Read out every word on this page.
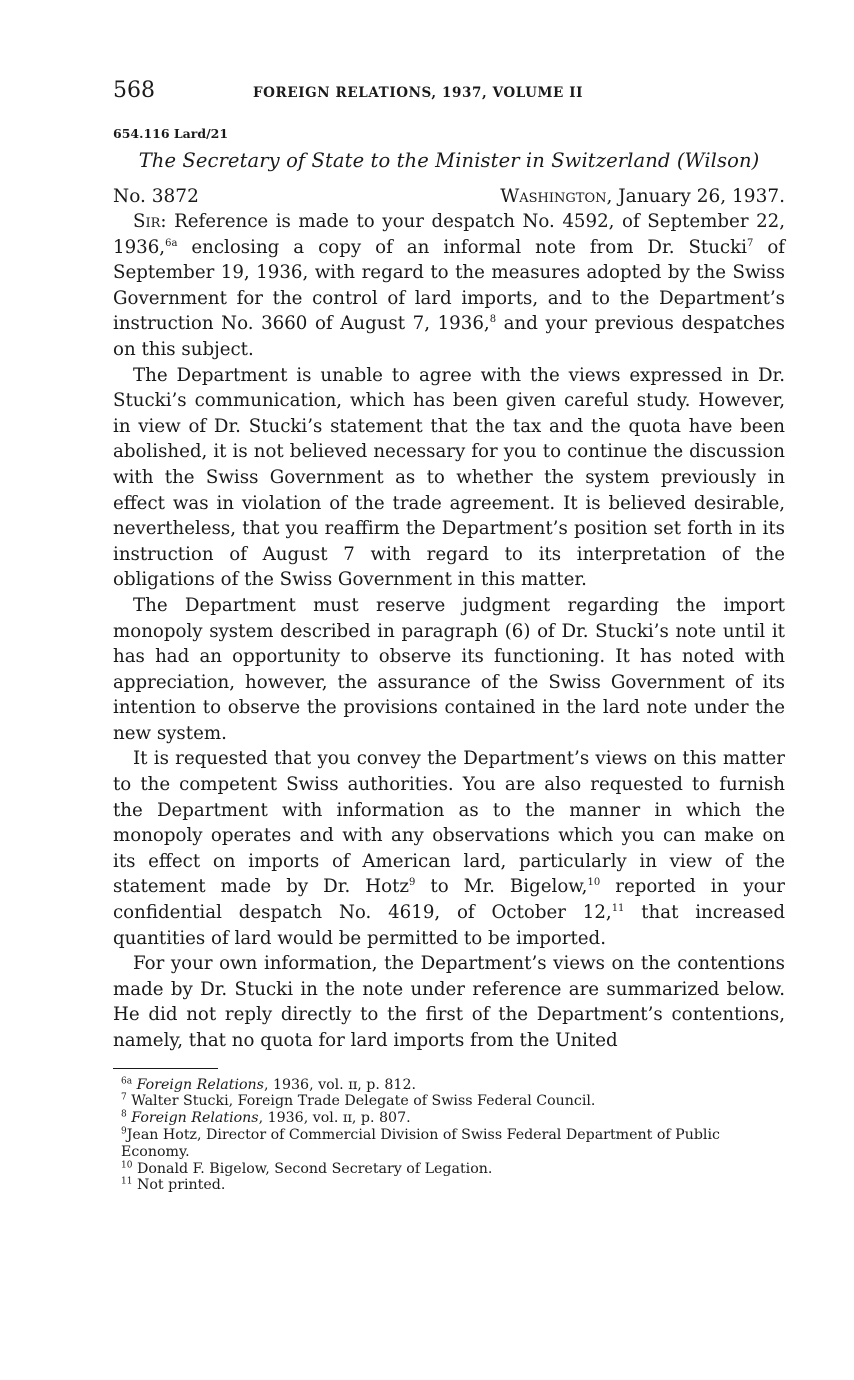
568	FOREIGN RELATIONS, 1937, VOLUME II
654.116 Lard/21
The Secretary of State to the Minister in Switzerland (Wilson)
No. 3872	Washington, January 26, 1937.

Sir: Reference is made to your despatch No. 4592, of September 22, 1936,$^{6a}$ enclosing a copy of an informal note from Dr. Stucki$^7$ of September 19, 1936, with regard to the measures adopted by the Swiss Government for the control of lard imports, and to the Department’s instruction No. 3660 of August 7, 1936,$^8$ and your previous despatches on this subject.

The Department is unable to agree with the views expressed in Dr. Stucki’s communication, which has been given careful study. However, in view of Dr. Stucki’s statement that the tax and the quota have been abolished, it is not believed necessary for you to continue the discussion with the Swiss Government as to whether the system previously in effect was in violation of the trade agreement. It is believed desirable, nevertheless, that you reaffirm the Department’s position set forth in its instruction of August 7 with regard to its interpretation of the obligations of the Swiss Government in this matter.

The Department must reserve judgment regarding the import monopoly system described in paragraph (6) of Dr. Stucki’s note until it has had an opportunity to observe its functioning. It has noted with appreciation, however, the assurance of the Swiss Government of its intention to observe the provisions contained in the lard note under the new system.

It is requested that you convey the Department’s views on this matter to the competent Swiss authorities. You are also requested to furnish the Department with information as to the manner in which the monopoly operates and with any observations which you can make on its effect on imports of American lard, particularly in view of the statement made by Dr. Hotz$^9$ to Mr. Bigelow,$^{10}$ reported in your confidential despatch No. 4619, of October 12,11 that increased quantities of lard would be permitted to be imported.

For your own information, the Department’s views on the contentions made by Dr. Stucki in the note under reference are summarized below. He did not reply directly to the first of the Department’s contentions, namely, that no quota for lard imports from the United

$^{6a}$ Foreign Relations, 1936, vol. ɪɪ, p. 812.
$^7$ Walter Stucki, Foreign Trade Delegate of Swiss Federal Council.
$^8$ Foreign Relations, 1936, vol. ɪɪ, p. 807.
$^9$Jean Hotz, Director of Commercial Division of Swiss Federal Department of Public Economy.
$^{10}$ Donald F. Bigelow, Second Secretary of Legation.
$^{11}$ Not printed.
